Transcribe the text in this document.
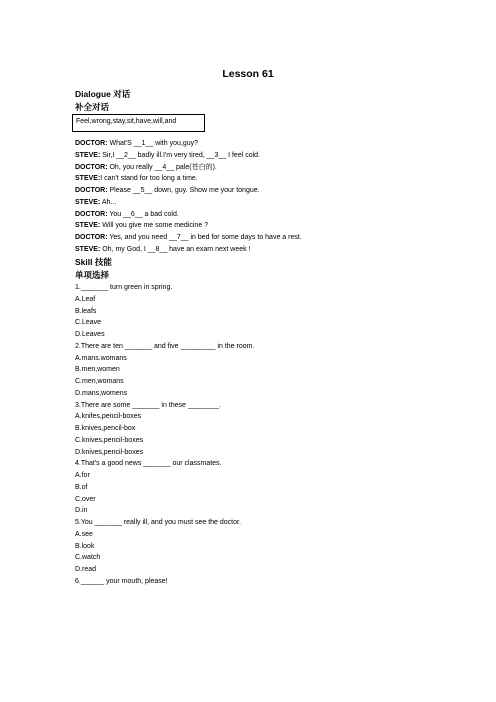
Lesson 61
Dialogue 对话
补全对话
Feel,wrong,stay,sit,have,will,and
DOCTOR: What'S __1__ with you,guy?
STEVE: Sir,I __2__ badly ill.I'm very tired, __3__ I feel cold.
DOCTOR: Oh, you really __4__ pale(苍白的).
STEVE:I can't stand for too long a time.
DOCTOR: Please __5__ down, guy. Show me your tongue.
STEVE: Ah...
DOCTOR: You __6__ a bad cold.
STEVE: Will you give me some medicine ?
DOCTOR: Yes, and you need __7__ in bed for some days to have a rest.
STEVE: Oh, my God, I __8__ have an exam next week !
Skill 技能
单项选择
1._______ turn green in spring.
A.Leaf
B.leafs
C.Leave
D.Leaves
2.There are ten _______ and five _________ in the room.
A.mans.womans
B.men,women
C.men,womans
D.mans,womens
3.There are some _______ in these ________.
A.knifes,pencil-boxes
B.knives,pencil-box
C.knives,pencil-boxes
D.knives,pencil-boxes
4.That's a good news _______ our classmates.
A.for
B.of
C.over
D.in
5.You _______ really ill, and you must see the doctor.
A.see
B.look
C.watch
D.read
6.______ your mouth, please!
